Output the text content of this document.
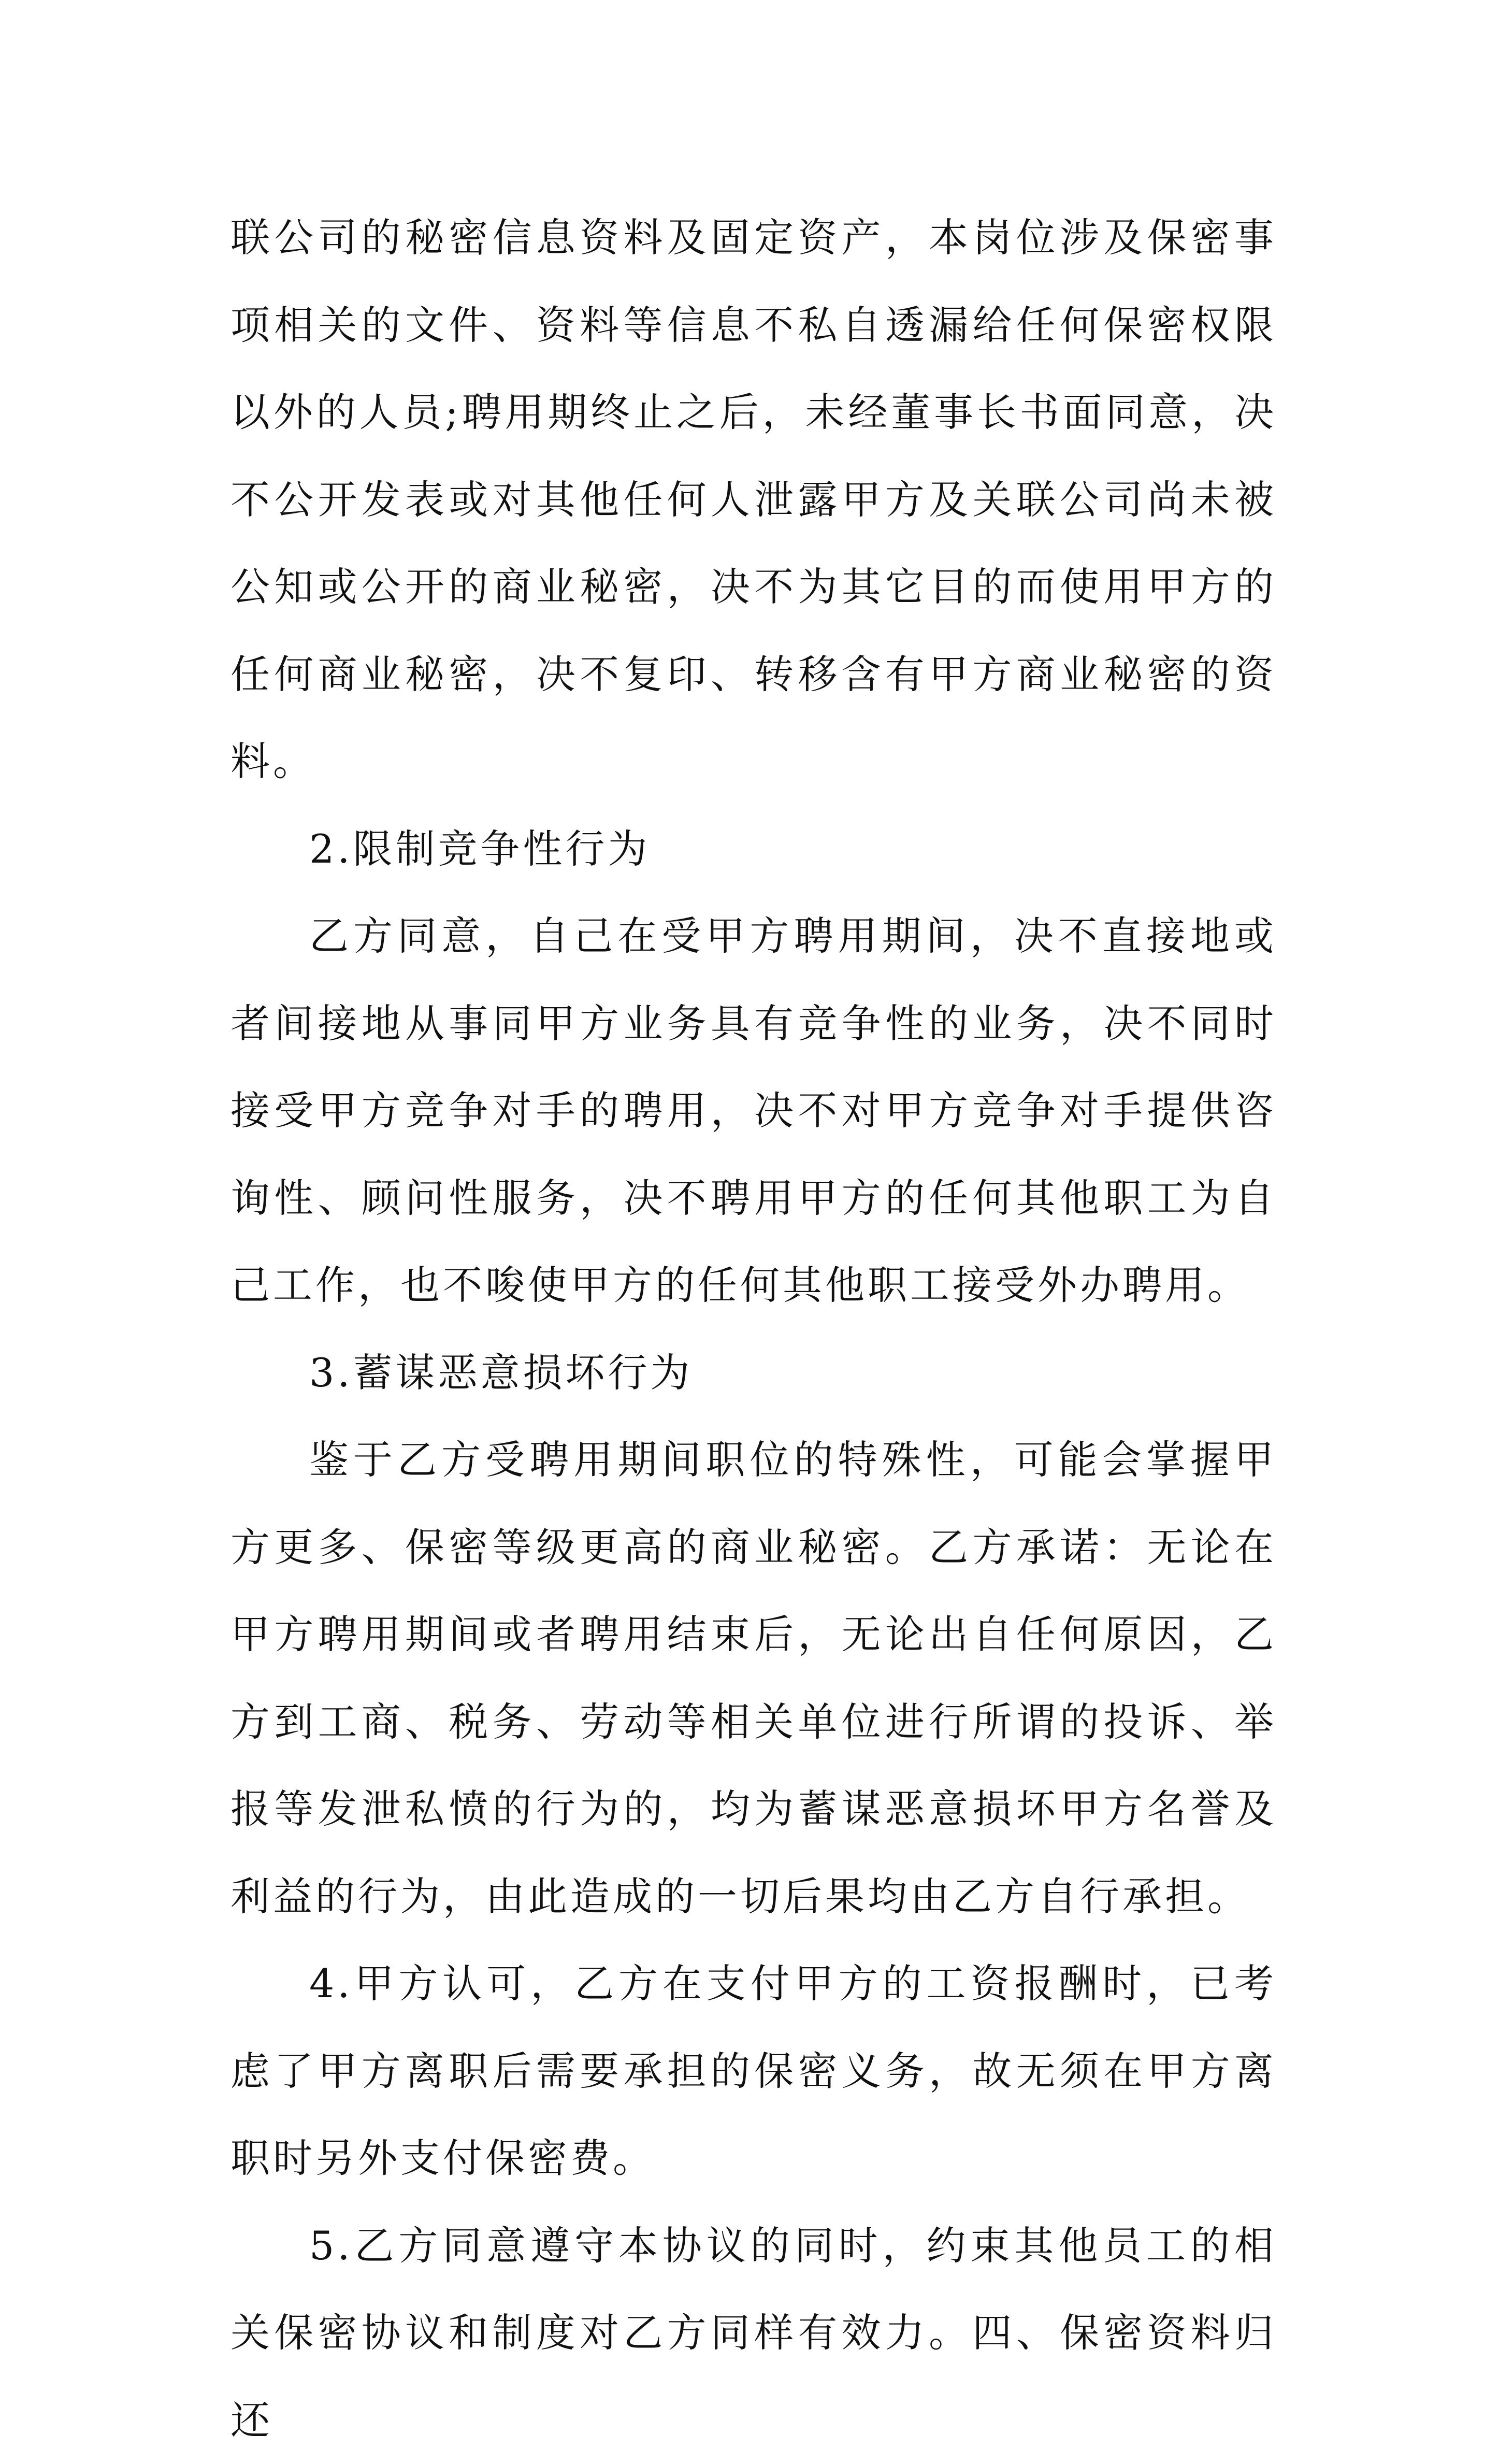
联公司的秘密信息资料及固定资产，本岗位涉及保密事项相关的文件、资料等信息不私自透漏给任何保密权限以外的人员;聘用期终止之后，未经董事长书面同意，决不公开发表或对其他任何人泄露甲方及关联公司尚未被公知或公开的商业秘密，决不为其它目的而使用甲方的任何商业秘密，决不复印、转移含有甲方商业秘密的资料。

2.限制竞争性行为

乙方同意，自己在受甲方聘用期间，决不直接地或者间接地从事同甲方业务具有竞争性的业务，决不同时接受甲方竞争对手的聘用，决不对甲方竞争对手提供咨询性、顾问性服务，决不聘用甲方的任何其他职工为自己工作，也不唆使甲方的任何其他职工接受外办聘用。

3.蓄谋恶意损坏行为

鉴于乙方受聘用期间职位的特殊性，可能会掌握甲方更多、保密等级更高的商业秘密。乙方承诺：无论在甲方聘用期间或者聘用结束后，无论出自任何原因，乙方到工商、税务、劳动等相关单位进行所谓的投诉、举报等发泄私愤的行为的，均为蓄谋恶意损坏甲方名誉及利益的行为，由此造成的一切后果均由乙方自行承担。

4.甲方认可，乙方在支付甲方的工资报酬时，已考虑了甲方离职后需要承担的保密义务，故无须在甲方离职时另外支付保密费。

5.乙方同意遵守本协议的同时，约束其他员工的相关保密协议和制度对乙方同样有效力。四、保密资料归还
